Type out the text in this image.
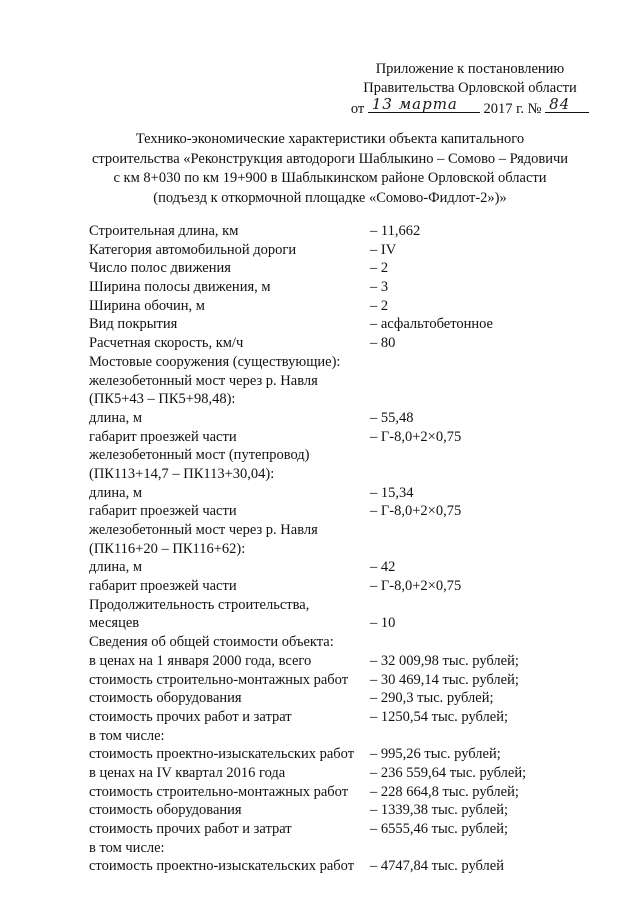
Приложение к постановлению
Правительства Орловской области
от 13 марта 2017 г. № 84
Технико-экономические характеристики объекта капитального
строительства «Реконструкция автодороги Шаблыкино – Сомово – Рядовичи
с км 8+030 по км 19+900 в Шаблыкинском районе Орловской области
(подъезд к откормочной площадке «Сомово-Фидлот-2»)»
Строительная длина, км	– 11,662
Категория автомобильной дороги	– IV
Число полос движения	– 2
Ширина полосы движения, м	– 3
Ширина обочин, м	– 2
Вид покрытия	– асфальтобетонное
Расчетная скорость, км/ч	– 80
Мостовые сооружения (существующие):
железобетонный мост через р. Навля
(ПК5+43 – ПК5+98,48):
длина, м	– 55,48
габарит проезжей части	– Г-8,0+2×0,75
железобетонный мост (путепровод)
(ПК113+14,7 – ПК113+30,04):
длина, м	– 15,34
габарит проезжей части	– Г-8,0+2×0,75
железобетонный мост через р. Навля
(ПК116+20 – ПК116+62):
длина, м	– 42
габарит проезжей части	– Г-8,0+2×0,75
Продолжительность строительства,
месяцев	– 10
Сведения об общей стоимости объекта:
в ценах на 1 января 2000 года, всего	– 32 009,98 тыс. рублей;
стоимость строительно-монтажных работ – 30 469,14 тыс. рублей;
стоимость оборудования	– 290,3 тыс. рублей;
стоимость прочих работ и затрат	– 1250,54 тыс. рублей;
в том числе:
стоимость проектно-изыскательских работ – 995,26 тыс. рублей;
в ценах на IV квартал 2016 года	– 236 559,64 тыс. рублей;
стоимость строительно-монтажных работ – 228 664,8 тыс. рублей;
стоимость оборудования	– 1339,38 тыс. рублей;
стоимость прочих работ и затрат	– 6555,46 тыс. рублей;
в том числе:
стоимость проектно-изыскательских работ – 4747,84 тыс. рублей
